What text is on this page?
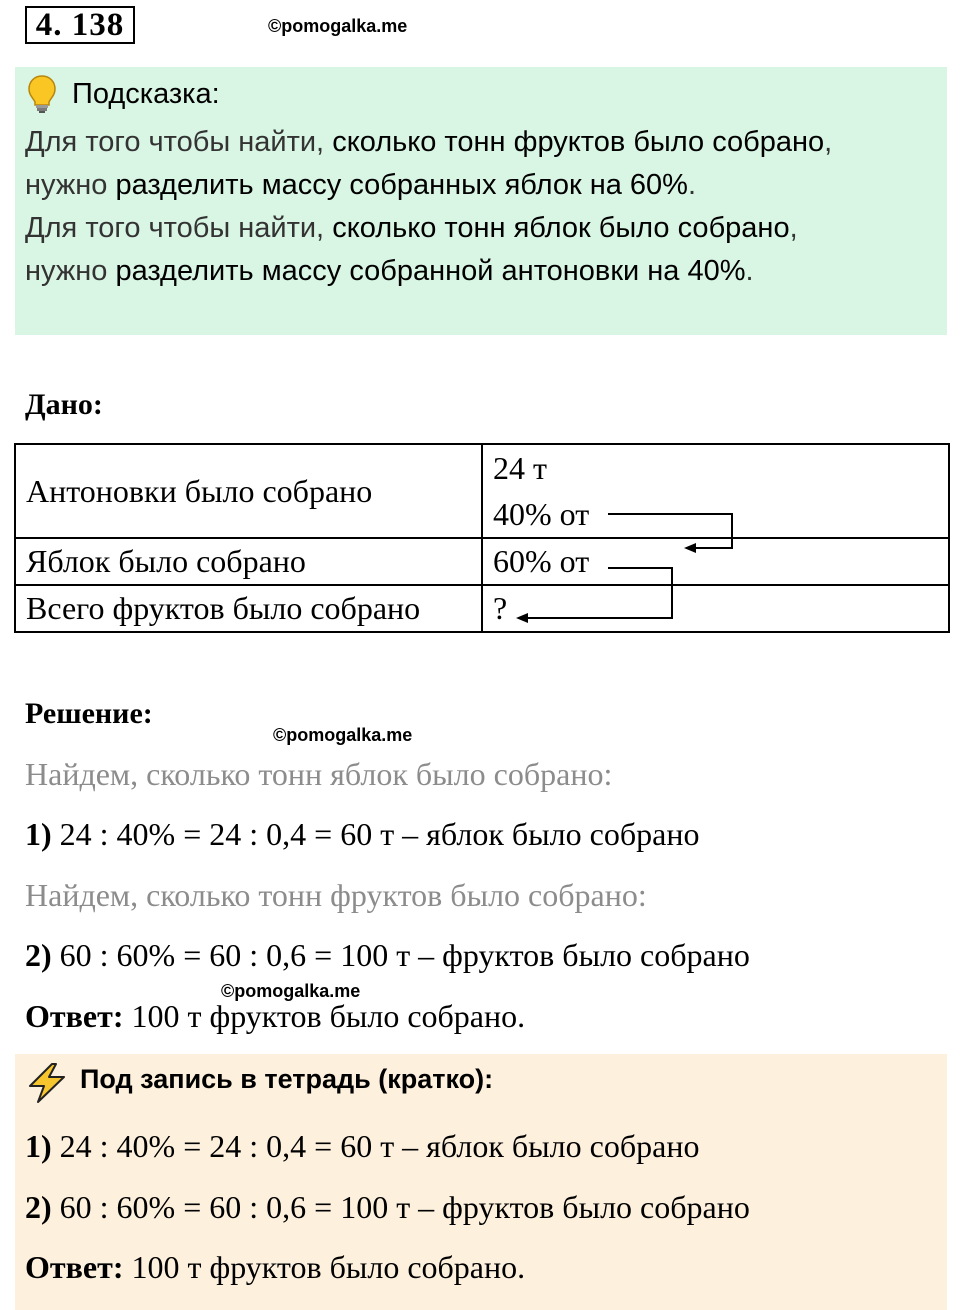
4. 138	©pomogalka.me
Подсказка:
Для того чтобы найти, сколько тонн фруктов было собрано,
нужно разделить массу собранных яблок на 60%.
Для того чтобы найти, сколько тонн яблок было собрано,
нужно разделить массу собранной антоновки на 40%.
Дано:
Антоновки было собрано	24 т
40% от

Яблок было собрано	60% от
Всего фруктов было собрано	?
Решение:
©pomogalka.me
Найдем, сколько тонн яблок было собрано:
1) 24 : 40% = 24 : 0,4 = 60 т – яблок было собрано
Найдем, сколько тонн фруктов было собрано:
2) 60 : 60% = 60 : 0,6 = 100 т – фруктов было собрано
©pomogalka.me
Ответ: 100 т фруктов было собрано.
Под запись в тетрадь (кратко):
1) 24 : 40% = 24 : 0,4 = 60 т – яблок было собрано
2) 60 : 60% = 60 : 0,6 = 100 т – фруктов было собрано
Ответ: 100 т фруктов было собрано.
